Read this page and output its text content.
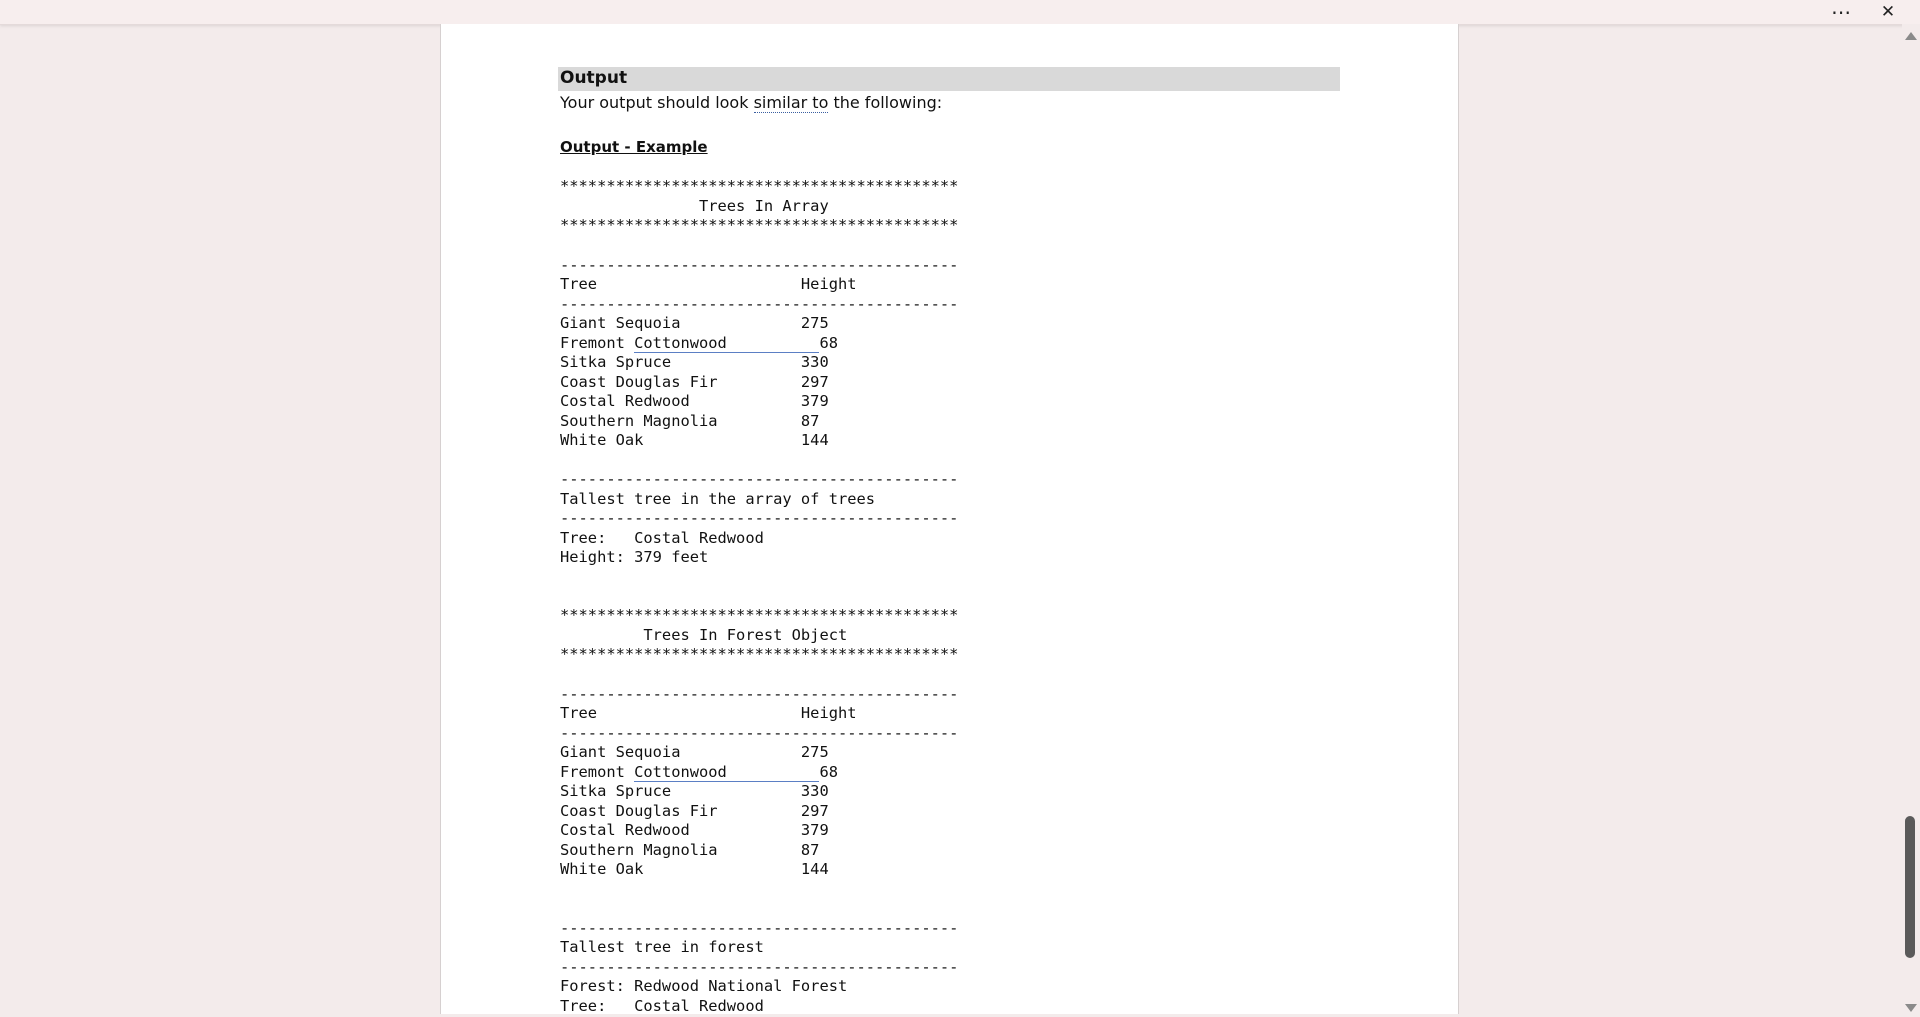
⋯	✕
Output
Your output should look similar to the following:
Output - Example
*******************************************
Trees In Array
*******************************************
-------------------------------------------
Tree                      Height
-------------------------------------------
Giant Sequoia             275
Fremont Cottonwood          68
Sitka Spruce              330
Coast Douglas Fir         297
Costal Redwood            379
Southern Magnolia         87
White Oak                 144
-------------------------------------------
Tallest tree in the array of trees
-------------------------------------------
Tree:   Costal Redwood
Height: 379 feet
*******************************************
Trees In Forest Object
*******************************************
-------------------------------------------
Tree                      Height
-------------------------------------------
Giant Sequoia             275
Fremont Cottonwood          68
Sitka Spruce              330
Coast Douglas Fir         297
Costal Redwood            379
Southern Magnolia         87
White Oak                 144
-------------------------------------------
Tallest tree in forest
-------------------------------------------
Forest: Redwood National Forest
Tree:   Costal Redwood
